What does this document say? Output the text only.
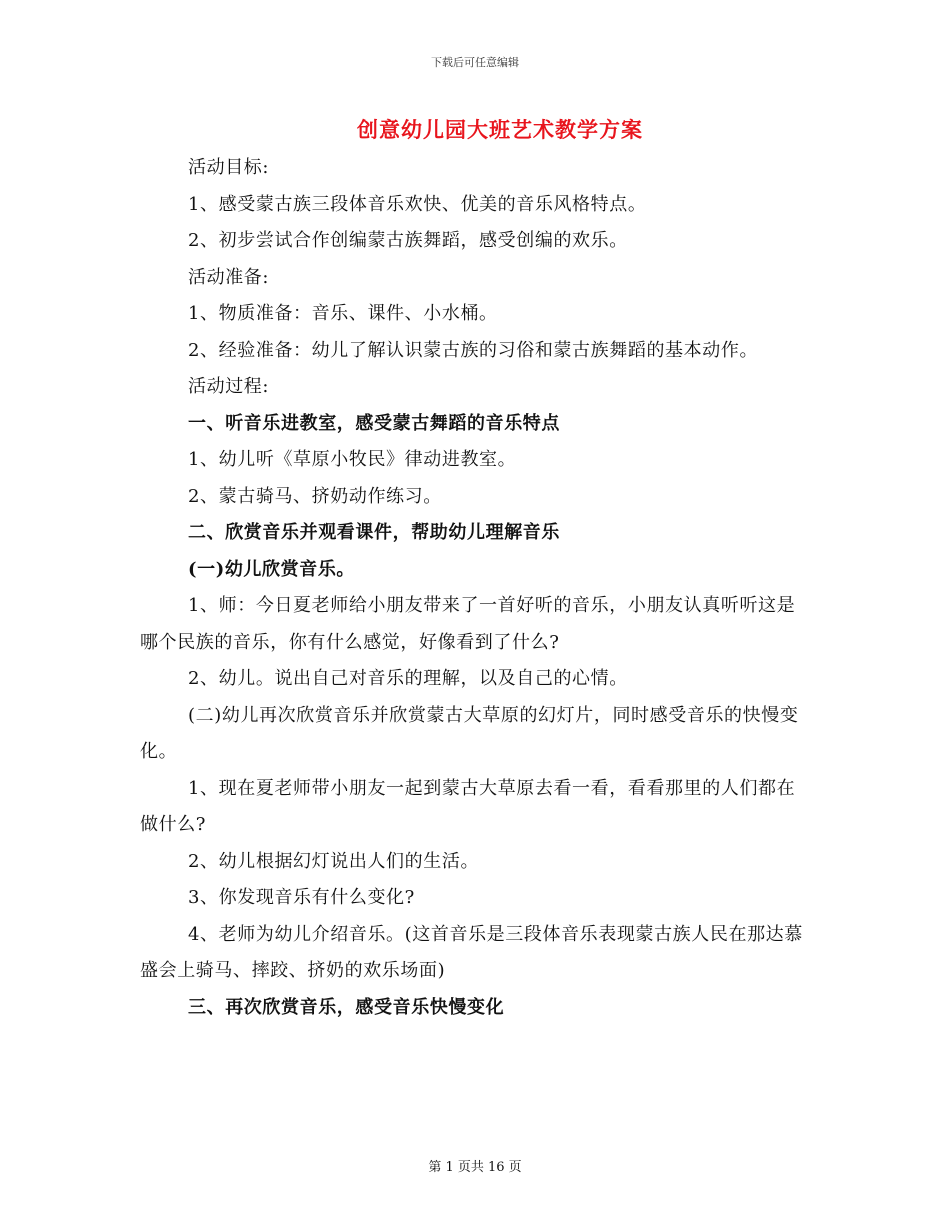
下载后可任意编辑
创意幼儿园大班艺术教学方案

活动目标:

1、感受蒙古族三段体音乐欢快、优美的音乐风格特点。

2、初步尝试合作创编蒙古族舞蹈，感受创编的欢乐。

活动准备:

1、物质准备：音乐、课件、小水桶。

2、经验准备：幼儿了解认识蒙古族的习俗和蒙古族舞蹈的基本动作。

活动过程:

一、听音乐进教室，感受蒙古舞蹈的音乐特点

1、幼儿听《草原小牧民》律动进教室。

2、蒙古骑马、挤奶动作练习。

二、欣赏音乐并观看课件，帮助幼儿理解音乐

(一)幼儿欣赏音乐。

1、师：今日夏老师给小朋友带来了一首好听的音乐，小朋友认真听听这是哪个民族的音乐，你有什么感觉，好像看到了什么?

2、幼儿。说出自己对音乐的理解，以及自己的心情。

(二)幼儿再次欣赏音乐并欣赏蒙古大草原的幻灯片，同时感受音乐的快慢变化。

1、现在夏老师带小朋友一起到蒙古大草原去看一看，看看那里的人们都在做什么?

2、幼儿根据幻灯说出人们的生活。

3、你发现音乐有什么变化?

4、老师为幼儿介绍音乐。(这首音乐是三段体音乐表现蒙古族人民在那达慕盛会上骑马、摔跤、挤奶的欢乐场面)

三、再次欣赏音乐，感受音乐快慢变化

第 1 页共 16 页
